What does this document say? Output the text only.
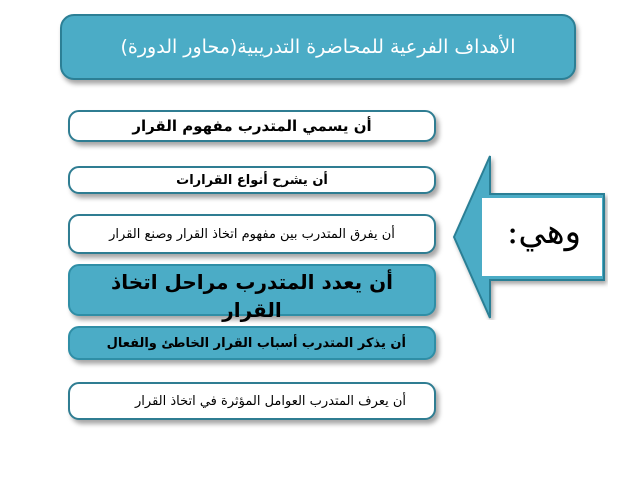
الأهداف الفرعية للمحاضرة التدريبية(محاور الدورة)
أن يسمي المتدرب مفهوم القرار
أن يشرح أنواع القرارات
أن يفرق المتدرب بين مفهوم اتخاذ القرار وصنع القرار
أن يعدد المتدرب مراحل اتخاذ القرار
أن يذكر المتدرب أسباب القرار الخاطئ والفعال
أن يعرف المتدرب العوامل المؤثرة في اتخاذ القرار
وهي:
